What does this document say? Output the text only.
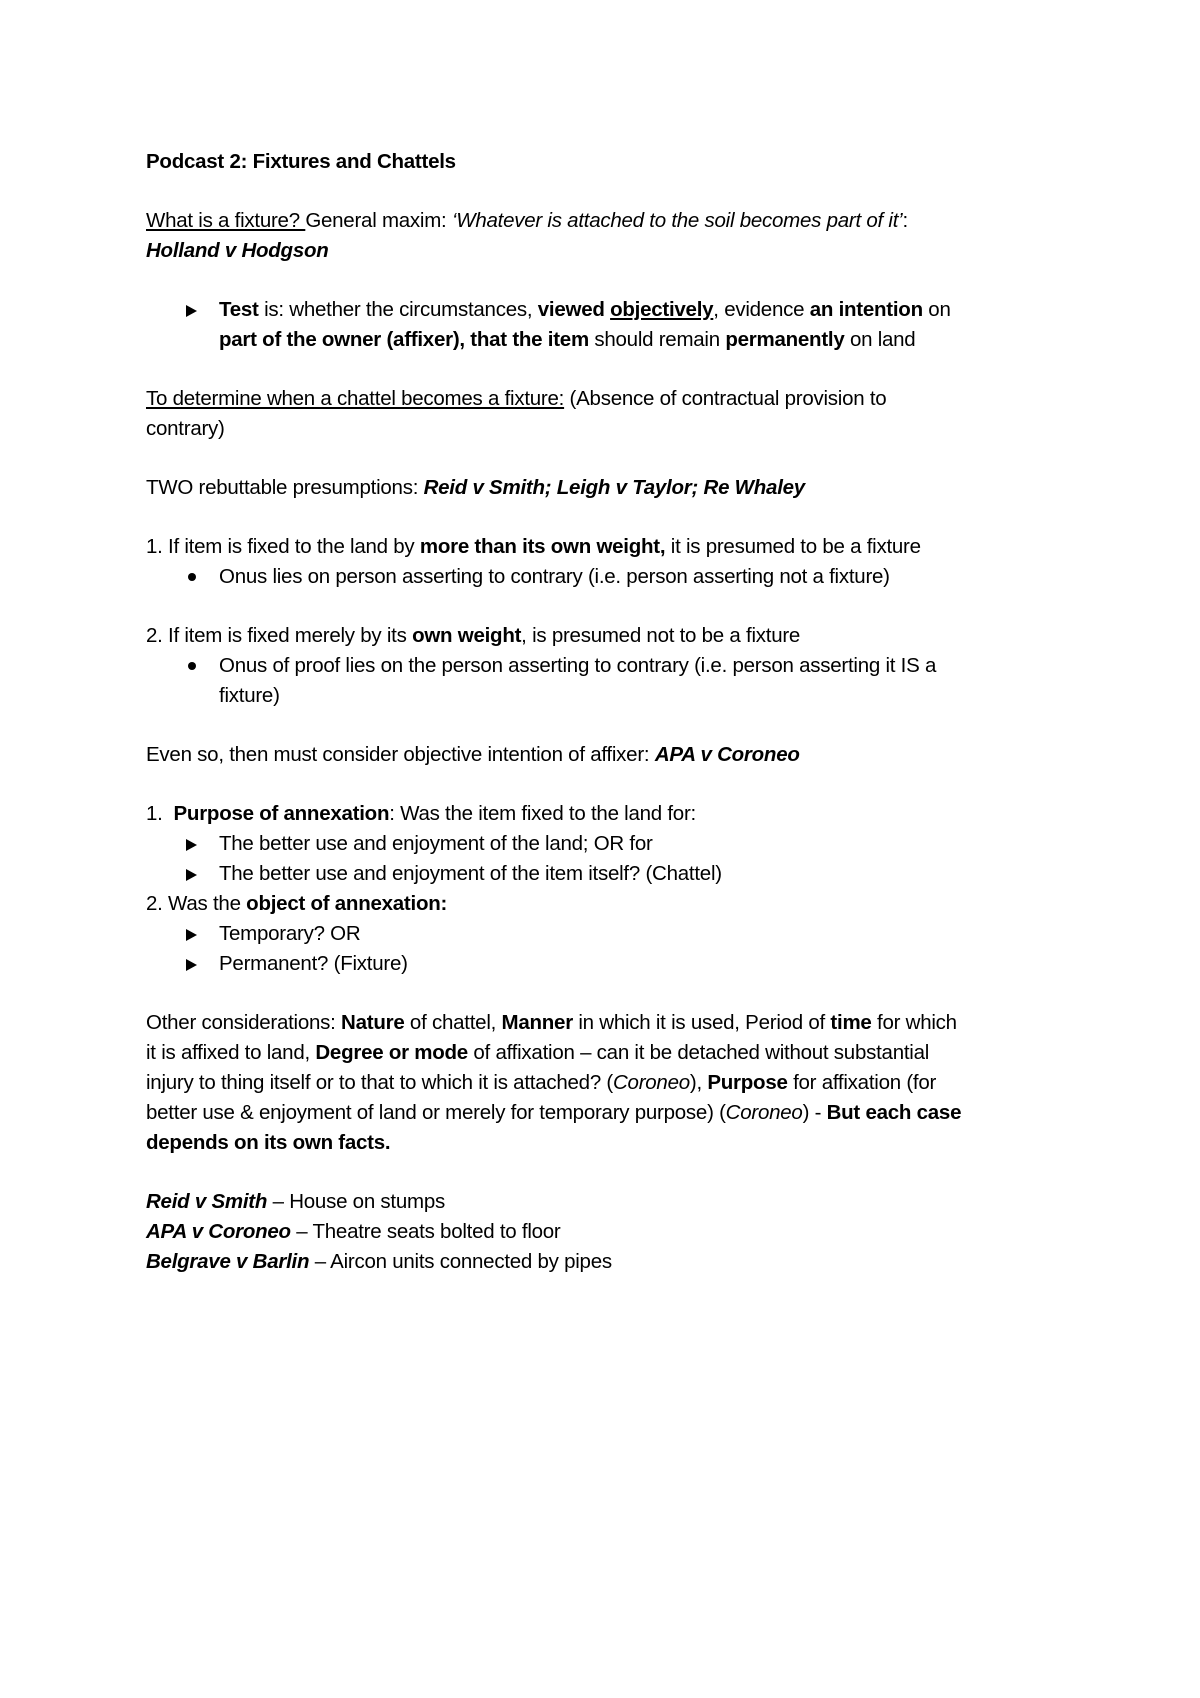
Podcast 2: Fixtures and Chattels
What is a fixture? General maxim: ‘Whatever is attached to the soil becomes part of it’:
Holland v Hodgson
Test is: whether the circumstances, viewed objectively, evidence an intention on
part of the owner (affixer), that the item should remain permanently on land
To determine when a chattel becomes a fixture: (Absence of contractual provision to
contrary)
TWO rebuttable presumptions: Reid v Smith; Leigh v Taylor; Re Whaley
1. If item is fixed to the land by more than its own weight, it is presumed to be a fixture
Onus lies on person asserting to contrary (i.e. person asserting not a fixture)
2. If item is fixed merely by its own weight, is presumed not to be a fixture
Onus of proof lies on the person asserting to contrary (i.e. person asserting it IS a
fixture)
Even so, then must consider objective intention of affixer: APA v Coroneo
1.  Purpose of annexation: Was the item fixed to the land for:
The better use and enjoyment of the land; OR for
The better use and enjoyment of the item itself? (Chattel)
2. Was the object of annexation:
Temporary? OR
Permanent? (Fixture)
Other considerations: Nature of chattel, Manner in which it is used, Period of time for which
it is affixed to land, Degree or mode of affixation – can it be detached without substantial
injury to thing itself or to that to which it is attached? (Coroneo), Purpose for affixation (for
better use & enjoyment of land or merely for temporary purpose) (Coroneo) - But each case
depends on its own facts.
Reid v Smith – House on stumps
APA v Coroneo – Theatre seats bolted to floor
Belgrave v Barlin – Aircon units connected by pipes
